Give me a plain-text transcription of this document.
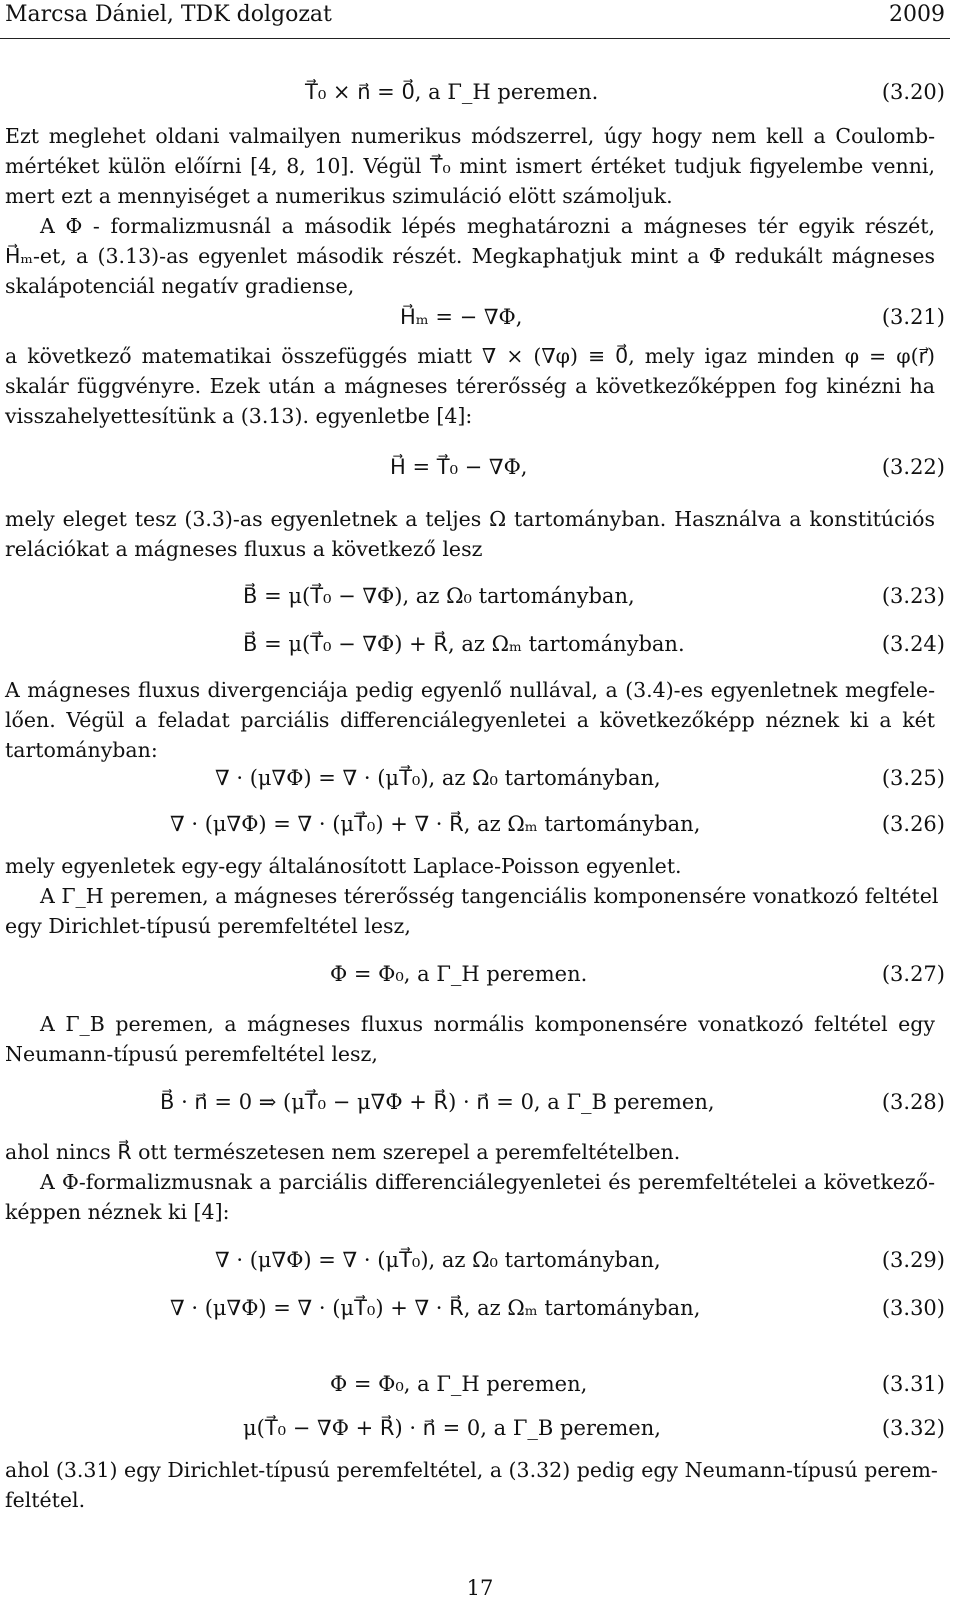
Marcsa Dániel, TDK dolgozat	2009
T⃗₀ × n⃗ = 0⃗, a Γ_H peremen.	(3.20)
Ezt meglehet oldani valmailyen numerikus módszerrel, úgy hogy nem kell a Coulomb-
mértéket külön előírni [4, 8, 10]. Végül T⃗₀ mint ismert értéket tudjuk figyelembe venni,
mert ezt a mennyiséget a numerikus szimuláció elött számoljuk.
A Φ - formalizmusnál a második lépés meghatározni a mágneses tér egyik részét,
H⃗ₘ-et, a (3.13)-as egyenlet második részét. Megkaphatjuk mint a Φ redukált mágneses
skalápotenciál negatív gradiense,
H⃗ₘ = − ∇Φ,	(3.21)
a következő matematikai összefüggés miatt ∇ × (∇φ) ≡ 0⃗, mely igaz minden φ = φ(r⃗)
skalár függvényre. Ezek után a mágneses térerősség a következőképpen fog kinézni ha
visszahelyettesítünk a (3.13). egyenletbe [4]:
H⃗ = T⃗₀ − ∇Φ,	(3.22)
mely eleget tesz (3.3)-as egyenletnek a teljes Ω tartományban. Használva a konstitúciós
relációkat a mágneses fluxus a következő lesz
B⃗ = μ(T⃗₀ − ∇Φ), az Ω₀ tartományban,	(3.23)
B⃗ = μ(T⃗₀ − ∇Φ) + R⃗, az Ωₘ tartományban.	(3.24)
A mágneses fluxus divergenciája pedig egyenlő nullával, a (3.4)-es egyenletnek megfele-
lően. Végül a feladat parciális differenciálegyenletei a következőképp néznek ki a két
tartományban:
∇ · (μ∇Φ) = ∇ · (μT⃗₀), az Ω₀ tartományban,	(3.25)
∇ · (μ∇Φ) = ∇ · (μT⃗₀) + ∇ · R⃗, az Ωₘ tartományban,	(3.26)
mely egyenletek egy-egy általánosított Laplace-Poisson egyenlet.
A Γ_H peremen, a mágneses térerősség tangenciális komponensére vonatkozó feltétel
egy Dirichlet-típusú peremfeltétel lesz,
Φ = Φ₀, a Γ_H peremen.	(3.27)
A Γ_B peremen, a mágneses fluxus normális komponensére vonatkozó feltétel egy
Neumann-típusú peremfeltétel lesz,
B⃗ · n⃗ = 0 ⇒ (μT⃗₀ − μ∇Φ + R⃗) · n⃗ = 0, a Γ_B peremen,	(3.28)
ahol nincs R⃗ ott természetesen nem szerepel a peremfeltételben.
A Φ-formalizmusnak a parciális differenciálegyenletei és peremfeltételei a következő-
képpen néznek ki [4]:
∇ · (μ∇Φ) = ∇ · (μT⃗₀), az Ω₀ tartományban,	(3.29)
∇ · (μ∇Φ) = ∇ · (μT⃗₀) + ∇ · R⃗, az Ωₘ tartományban,	(3.30)
Φ = Φ₀, a Γ_H peremen,	(3.31)
μ(T⃗₀ − ∇Φ + R⃗) · n⃗ = 0, a Γ_B peremen,	(3.32)
ahol (3.31) egy Dirichlet-típusú peremfeltétel, a (3.32) pedig egy Neumann-típusú perem-
feltétel.
17
